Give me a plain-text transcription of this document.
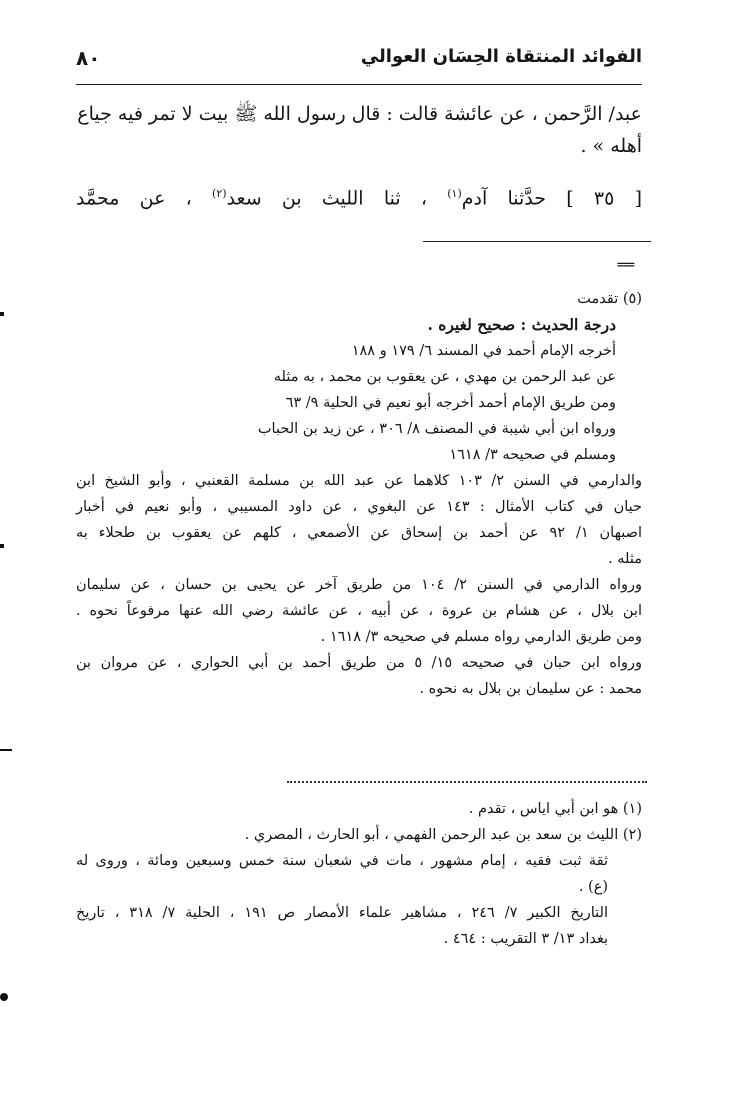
الفوائد المنتقاة الحِسَان العوالي
٨٠
عبد/ الرَّحمن ، عن عائشة قالت : قال رسول الله ﷺ بيت لا تمر فيه جياع
أهله » .
[ ٣٥ ] حدَّثنا آدم$^{(١)}$ ، ثنا الليث بن سعد$^{(٢)}$ ، عن محمَّد
===
(٥) تقدمت
درجة الحديث : صحيح لغيره .
أخرجه الإمام أحمد في المسند ٦/ ١٧٩ و ١٨٨
عن عبد الرحمن بن مهدي ، عن يعقوب بن محمد ، به مثله
ومن طريق الإمام أحمد أخرجه أبو نعيم في الحلية ٩/ ٦٣
ورواه ابن أبي شيبة في المصنف ٨/ ٣٠٦ ، عن زيد بن الحباب
ومسلم في صحيحه ٣/ ١٦١٨
والدارمي في السنن ٢/ ١٠٣ كلاهما عن عبد الله بن مسلمة القعنبي ، وأبو الشيخ ابن
حيان في كتاب الأمثال : ١٤٣ عن البغوي ، عن داود المسيبي ، وأبو نعيم في أخبار
اصبهان ١/ ٩٢ عن أحمد بن إسحاق عن الأصمعي ، كلهم عن يعقوب بن طحلاء به
مثله .
ورواه الدارمي في السنن ٢/ ١٠٤ من طريق آخر عن يحيى بن حسان ، عن سليمان
ابن بلال ، عن هشام بن عروة ، عن أبيه ، عن عائشة رضي الله عنها مرفوعاً نحوه .
ومن طريق الدارمي رواه مسلم في صحيحه ٣/ ١٦١٨ .
ورواه ابن حبان في صحيحه ١٥/ ٥ من طريق أحمد بن أبي الحواري ، عن مروان بن
محمد : عن سليمان بن بلال به نحوه .
(١) هو ابن أبي اياس ، تقدم .
(٢) الليث بن سعد بن عبد الرحمن الفهمي ، أبو الحارث ، المصري .
ثقة ثبت فقيه ، إمام مشهور ، مات في شعبان سنة خمس وسبعين ومائة ، وروى له
(ع) .
التاريخ الكبير ٧/ ٢٤٦ ، مشاهير علماء الأمصار ص ١٩١ ، الحلية ٧/ ٣١٨ ، تاريخ
بغداد ١٣/ ٣ التقريب : ٤٦٤ .
